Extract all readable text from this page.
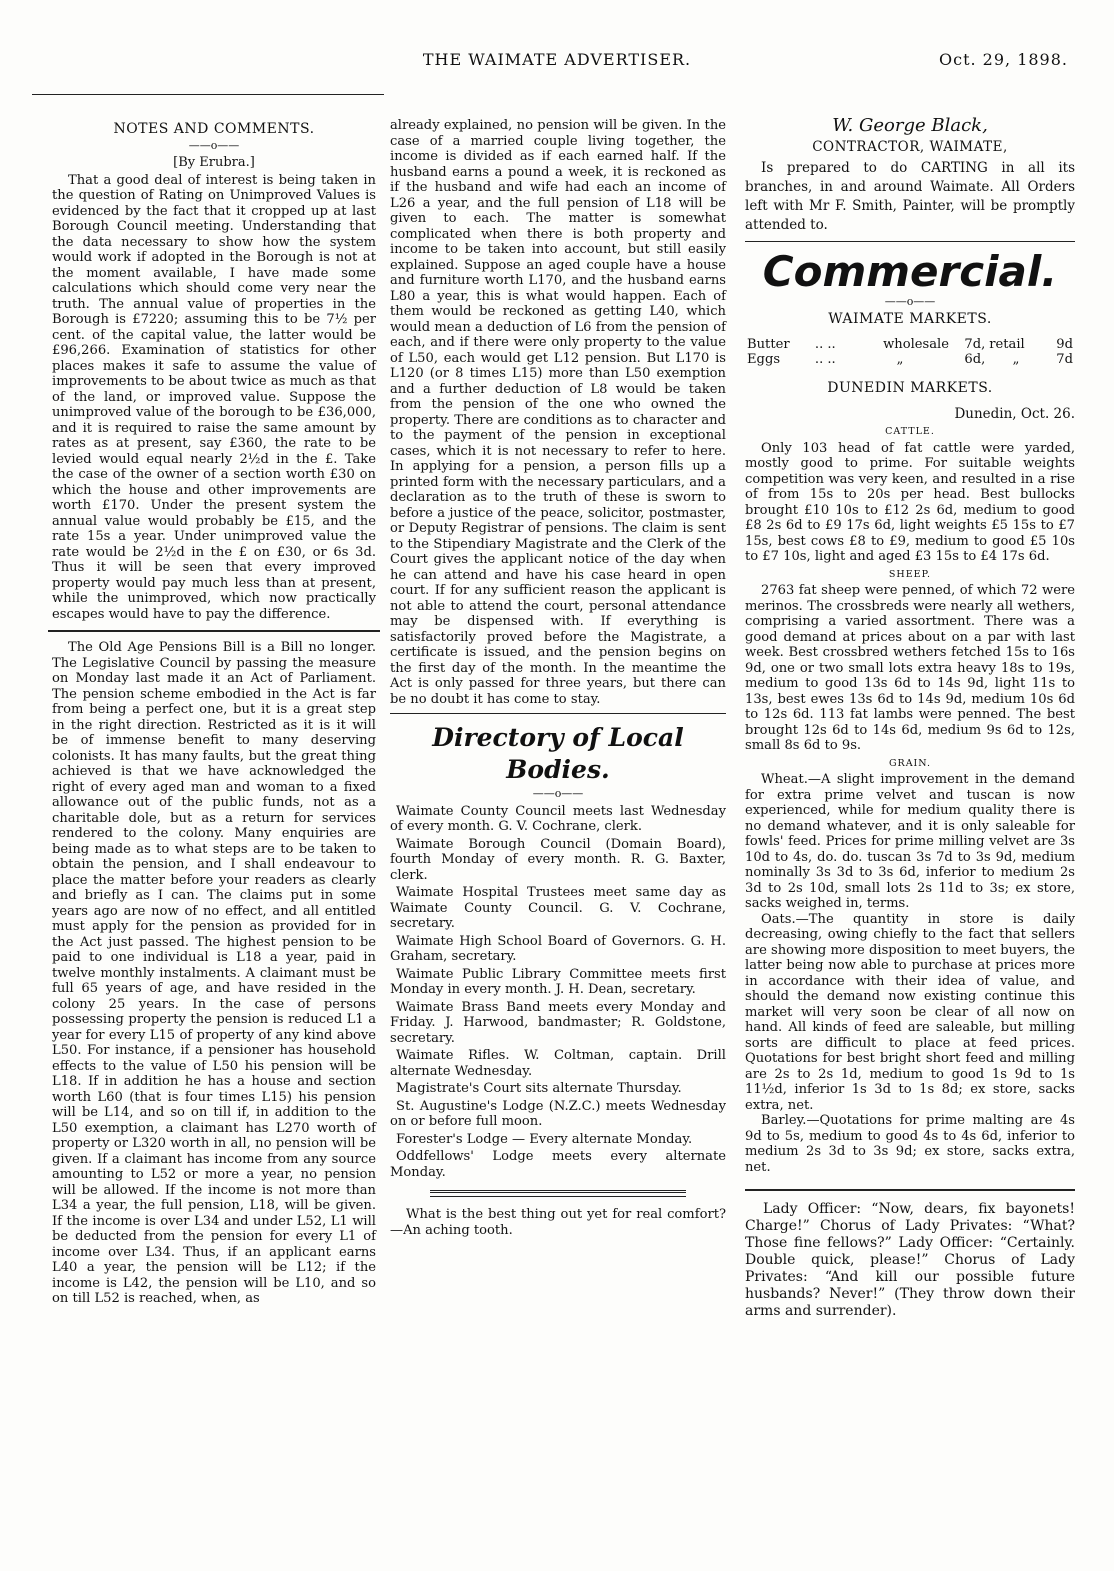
THE WAIMATE ADVERTISER.	Oct. 29, 1898.
NOTES AND COMMENTS.
——o——
[By Erubra.]

That a good deal of interest is being taken in the question of Rating on Unimproved Values is evidenced by the fact that it cropped up at last Borough Council meeting. Understanding that the data necessary to show how the system would work if adopted in the Borough is not at the moment available, I have made some calculations which should come very near the truth. The annual value of properties in the Borough is £7220; assuming this to be 7½ per cent. of the capital value, the latter would be £96,266. Examination of statistics for other places makes it safe to assume the value of improvements to be about twice as much as that of the land, or improved value. Suppose the unimproved value of the borough to be £36,000, and it is required to raise the same amount by rates as at present, say £360, the rate to be levied would equal nearly 2½d in the £. Take the case of the owner of a section worth £30 on which the house and other improvements are worth £170. Under the present system the annual value would probably be £15, and the rate 15s a year. Under unimproved value the rate would be 2½d in the £ on £30, or 6s 3d. Thus it will be seen that every improved property would pay much less than at present, while the unimproved, which now practically escapes would have to pay the difference.

The Old Age Pensions Bill is a Bill no longer. The Legislative Council by passing the measure on Monday last made it an Act of Parliament. The pension scheme embodied in the Act is far from being a perfect one, but it is a great step in the right direction. Restricted as it is it will be of immense benefit to many deserving colonists. It has many faults, but the great thing achieved is that we have acknowledged the right of every aged man and woman to a fixed allowance out of the public funds, not as a charitable dole, but as a return for services rendered to the colony. Many enquiries are being made as to what steps are to be taken to obtain the pension, and I shall endeavour to place the matter before your readers as clearly and briefly as I can. The claims put in some years ago are now of no effect, and all entitled must apply for the pension as provided for in the Act just passed. The highest pension to be paid to one individual is L18 a year, paid in twelve monthly instalments. A claimant must be full 65 years of age, and have resided in the colony 25 years. In the case of persons possessing property the pension is reduced L1 a year for every L15 of property of any kind above L50. For instance, if a pensioner has household effects to the value of L50 his pension will be L18. If in addition he has a house and section worth L60 (that is four times L15) his pension will be L14, and so on till if, in addition to the L50 exemption, a claimant has L270 worth of property or L320 worth in all, no pension will be given. If a claimant has income from any source amounting to L52 or more a year, no pension will be allowed. If the income is not more than L34 a year, the full pension, L18, will be given. If the income is over L34 and under L52, L1 will be deducted from the pension for every L1 of income over L34. Thus, if an applicant earns L40 a year, the pension will be L12; if the income is L42, the pension will be L10, and so on till L52 is reached, when, as

already explained, no pension will be given. In the case of a married couple living together, the income is divided as if each earned half. If the husband earns a pound a week, it is reckoned as if the husband and wife had each an income of L26 a year, and the full pension of L18 will be given to each. The matter is somewhat complicated when there is both property and income to be taken into account, but still easily explained. Suppose an aged couple have a house and furniture worth L170, and the husband earns L80 a year, this is what would happen. Each of them would be reckoned as getting L40, which would mean a deduction of L6 from the pension of each, and if there were only property to the value of L50, each would get L12 pension. But L170 is L120 (or 8 times L15) more than L50 exemption and a further deduction of L8 would be taken from the pension of the one who owned the property. There are conditions as to character and to the payment of the pension in exceptional cases, which it is not necessary to refer to here. In applying for a pension, a person fills up a printed form with the necessary particulars, and a declaration as to the truth of these is sworn to before a justice of the peace, solicitor, postmaster, or Deputy Registrar of pensions. The claim is sent to the Stipendiary Magistrate and the Clerk of the Court gives the applicant notice of the day when he can attend and have his case heard in open court. If for any sufficient reason the applicant is not able to attend the court, personal attendance may be dispensed with. If everything is satisfactorily proved before the Magistrate, a certificate is issued, and the pension begins on the first day of the month. In the meantime the Act is only passed for three years, but there can be no doubt it has come to stay.

Directory of Local
Bodies.
——o——

Waimate County Council meets last Wednesday of every month. G. V. Cochrane, clerk.

Waimate Borough Council (Domain Board), fourth Monday of every month. R. G. Baxter, clerk.

Waimate Hospital Trustees meet same day as Waimate County Council. G. V. Cochrane, secretary.

Waimate High School Board of Governors. G. H. Graham, secretary.

Waimate Public Library Committee meets first Monday in every month. J. H. Dean, secretary.

Waimate Brass Band meets every Monday and Friday. J. Harwood, bandmaster; R. Goldstone, secretary.

Waimate Rifles. W. Coltman, captain. Drill alternate Wednesday.

Magistrate's Court sits alternate Thursday.

St. Augustine's Lodge (N.Z.C.) meets Wednesday on or before full moon.

Forester's Lodge — Every alternate Monday.

Oddfellows' Lodge meets every alternate Monday.

What is the best thing out yet for real comfort?—An aching tooth.

W. George Black,
CONTRACTOR, WAIMATE,

Is prepared to do CARTING in all its branches, in and around Waimate. All Orders left with Mr F. Smith, Painter, will be promptly attended to.

Commercial.
——o——
WAIMATE MARKETS.
Butter	.. ..	wholesale	7d,	retail	9d
Eggs	.. ..	„	6d,	„	7d
DUNEDIN MARKETS.
Dunedin, Oct. 26.
CATTLE.

Only 103 head of fat cattle were yarded, mostly good to prime. For suitable weights competition was very keen, and resulted in a rise of from 15s to 20s per head. Best bullocks brought £10 10s to £12 2s 6d, medium to good £8 2s 6d to £9 17s 6d, light weights £5 15s to £7 15s, best cows £8 to £9, medium to good £5 10s to £7 10s, light and aged £3 15s to £4 17s 6d.

SHEEP.

2763 fat sheep were penned, of which 72 were merinos. The crossbreds were nearly all wethers, comprising a varied assortment. There was a good demand at prices about on a par with last week. Best crossbred wethers fetched 15s to 16s 9d, one or two small lots extra heavy 18s to 19s, medium to good 13s 6d to 14s 9d, light 11s to 13s, best ewes 13s 6d to 14s 9d, medium 10s 6d to 12s 6d. 113 fat lambs were penned. The best brought 12s 6d to 14s 6d, medium 9s 6d to 12s, small 8s 6d to 9s.

GRAIN.

Wheat.—A slight improvement in the demand for extra prime velvet and tuscan is now experienced, while for medium quality there is no demand whatever, and it is only saleable for fowls' feed. Prices for prime milling velvet are 3s 10d to 4s, do. do. tuscan 3s 7d to 3s 9d, medium nominally 3s 3d to 3s 6d, inferior to medium 2s 3d to 2s 10d, small lots 2s 11d to 3s; ex store, sacks weighed in, terms.

Oats.—The quantity in store is daily decreasing, owing chiefly to the fact that sellers are showing more disposition to meet buyers, the latter being now able to purchase at prices more in accordance with their idea of value, and should the demand now existing continue this market will very soon be clear of all now on hand. All kinds of feed are saleable, but milling sorts are difficult to place at feed prices. Quotations for best bright short feed and milling are 2s to 2s 1d, medium to good 1s 9d to 1s 11½d, inferior 1s 3d to 1s 8d; ex store, sacks extra, net.

Barley.—Quotations for prime malting are 4s 9d to 5s, medium to good 4s to 4s 6d, inferior to medium 2s 3d to 3s 9d; ex store, sacks extra, net.

Lady Officer: “Now, dears, fix bayonets! Charge!” Chorus of Lady Privates: “What? Those fine fellows?” Lady Officer: “Certainly. Double quick, please!” Chorus of Lady Privates: “And kill our possible future husbands? Never!” (They throw down their arms and surrender).
